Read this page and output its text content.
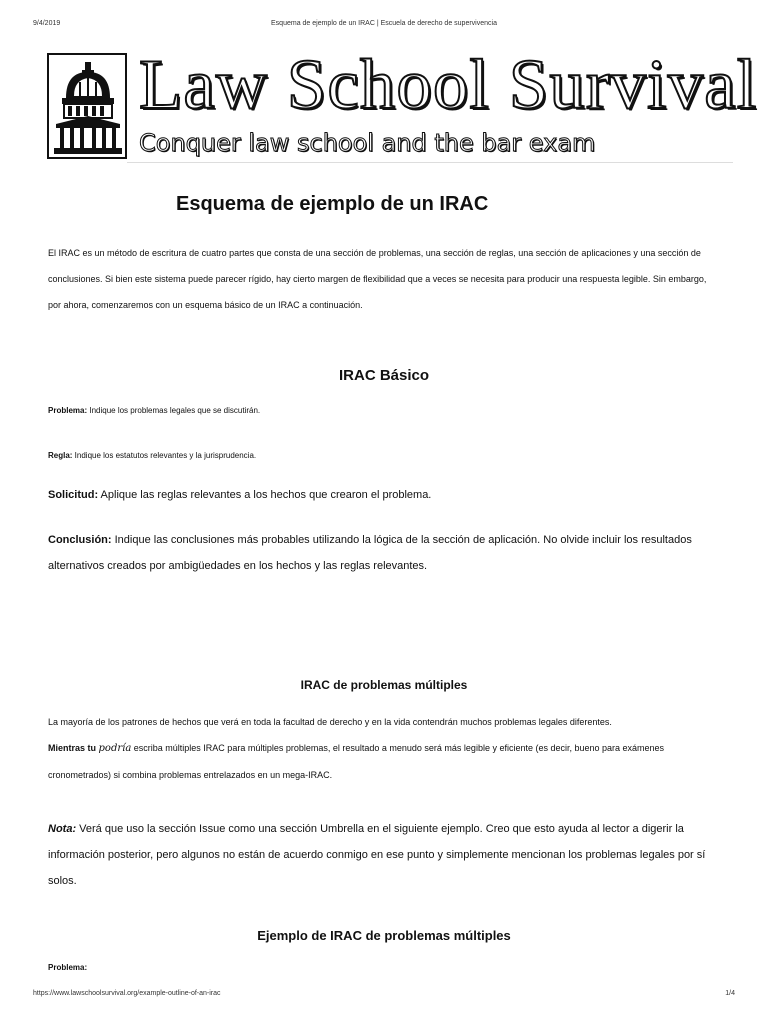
9/4/2019	Esquema de ejemplo de un IRAC | Escuela de derecho de supervivencia
Law School Survival
Conquer law school and the bar exam
Esquema de ejemplo de un IRAC

El IRAC es un método de escritura de cuatro partes que consta de una sección de problemas, una sección de reglas, una sección de aplicaciones y una sección de conclusiones. Si bien este sistema puede parecer rígido, hay cierto margen de flexibilidad que a veces se necesita para producir una respuesta legible. Sin embargo, por ahora, comenzaremos con un esquema básico de un IRAC a continuación.

IRAC Básico

Problema: Indique los problemas legales que se discutirán.

Regla: Indique los estatutos relevantes y la jurisprudencia.

Solicitud: Aplique las reglas relevantes a los hechos que crearon el problema.

Conclusión: Indique las conclusiones más probables utilizando la lógica de la sección de aplicación. No olvide incluir los resultados alternativos creados por ambigüedades en los hechos y las reglas relevantes.

IRAC de problemas múltiples

La mayoría de los patrones de hechos que verá en toda la facultad de derecho y en la vida contendrán muchos problemas legales diferentes.

Mientras tu podría escriba múltiples IRAC para múltiples problemas, el resultado a menudo será más legible y eficiente (es decir, bueno para exámenes cronometrados) si combina problemas entrelazados en un mega-IRAC.

Nota: Verá que uso la sección Issue como una sección Umbrella en el siguiente ejemplo. Creo que esto ayuda al lector a digerir la información posterior, pero algunos no están de acuerdo conmigo en ese punto y simplemente mencionan los problemas legales por sí solos.

Ejemplo de IRAC de problemas múltiples

Problema:

https://www.lawschoolsurvival.org/example-outline-of-an-irac	1/4
